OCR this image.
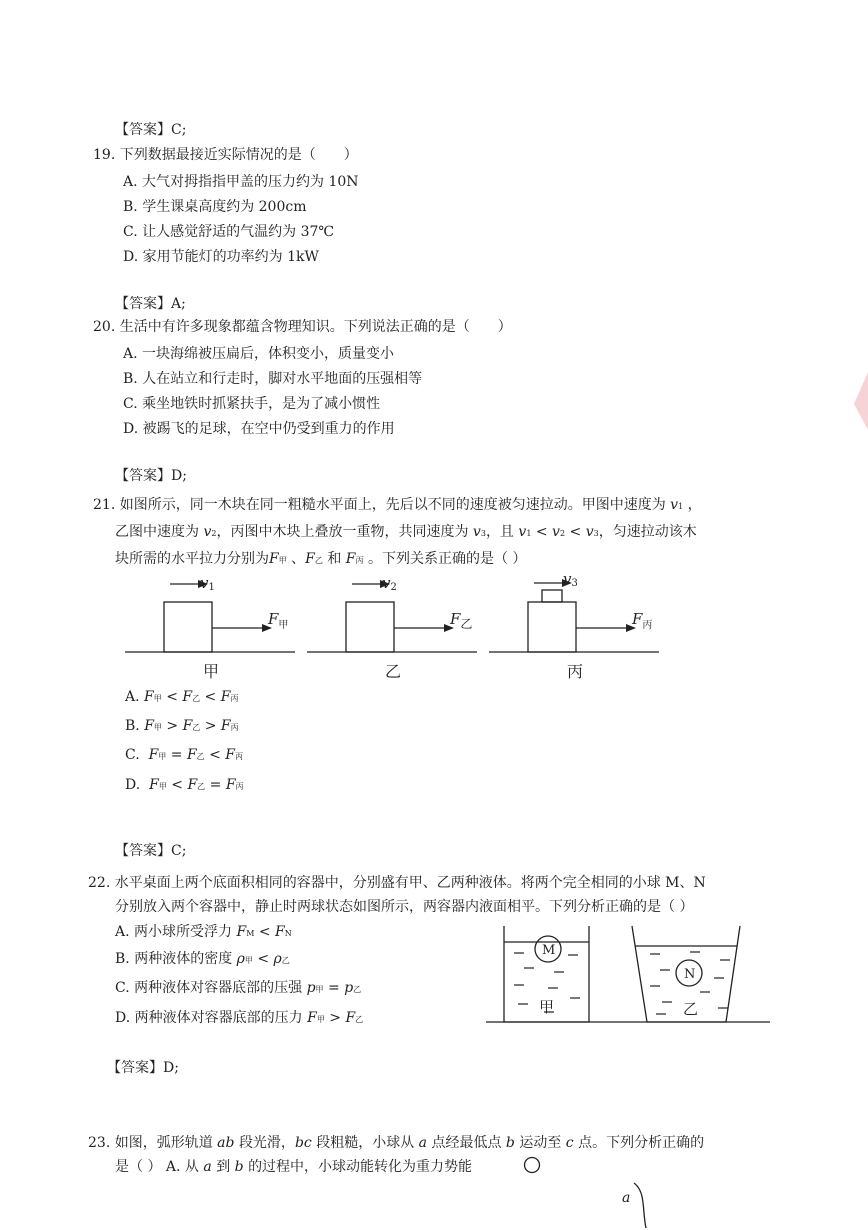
【答案】C;
19. 下列数据最接近实际情况的是（　　）
A. 大气对拇指指甲盖的压力约为 10N
B. 学生课桌高度约为 200cm
C. 让人感觉舒适的气温约为 37℃
D. 家用节能灯的功率约为 1kW
【答案】A;
20. 生活中有许多现象都蕴含物理知识。下列说法正确的是（　　）
A. 一块海绵被压扁后，体积变小，质量变小
B. 人在站立和行走时，脚对水平地面的压强相等
C. 乘坐地铁时抓紧扶手，是为了减小惯性
D. 被踢飞的足球，在空中仍受到重力的作用
【答案】D;
21. 如图所示，同一木块在同一粗糙水平面上，先后以不同的速度被匀速拉动。甲图中速度为 v1 ，
乙图中速度为 v2，丙图中木块上叠放一重物，共同速度为 v3，且 v1 < v2 < v3，匀速拉动该木
块所需的水平拉力分别为F甲 、F乙 和 F丙 。下列关系正确的是（ ）
v1	v2	v3
$F_甲$	$F_乙$	$F_丙$
甲	乙	丙
A. F甲 < F乙 < F丙
B. F甲 > F乙 > F丙
C. F甲 = F乙 < F丙
D. F甲 < F乙 = F丙
【答案】C;
22. 水平桌面上两个底面积相同的容器中，分别盛有甲、乙两种液体。将两个完全相同的小球 M、N
分别放入两个容器中，静止时两球状态如图所示，两容器内液面相平。下列分析正确的是（ ）
A. 两小球所受浮力 FM < FN
B. 两种液体的密度 ρ甲 < ρ乙
C. 两种液体对容器底部的压强 p甲 = p乙
D. 两种液体对容器底部的压力 F甲 > F乙
M
N
甲	乙
【答案】D;
23. 如图，弧形轨道 ab 段光滑，bc 段粗糙，小球从 a 点经最低点 b 运动至 c 点。下列分析正确的
是（ ） A. 从 a 到 b 的过程中，小球动能转化为重力势能
a
